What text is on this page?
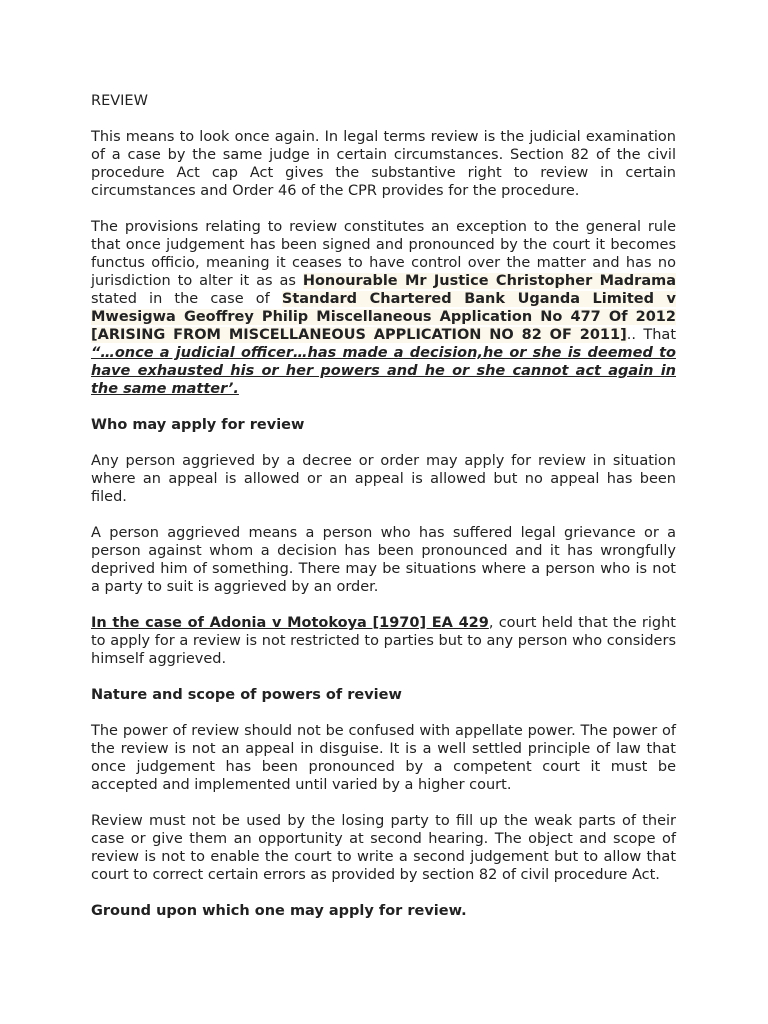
REVIEW

This means to look once again. In legal terms review is the judicial examination of a case by the same judge in certain circumstances. Section 82 of the civil procedure Act cap Act gives the substantive right to review in certain circumstances and Order 46 of the CPR provides for the procedure.

The provisions relating to review constitutes an exception to the general rule that once judgement has been signed and pronounced by the court it becomes functus officio, meaning it ceases to have control over the matter and has no jurisdiction to alter it as as Honourable Mr Justice Christopher Madrama stated in the case of Standard Chartered Bank Uganda Limited v Mwesigwa Geoffrey Philip Miscellaneous Application No 477 Of 2012 [ARISING FROM MISCELLANEOUS APPLICATION NO 82 OF 2011].. That “…once a judicial officer…has made a decision,he or she is deemed to have exhausted his or her powers and he or she cannot act again in the same matter’.

Who may apply for review

Any person aggrieved by a decree or order may apply for review in situation where an appeal is allowed or an appeal is allowed but no appeal has been filed.

A person aggrieved means a person who has suffered legal grievance or a person against whom a decision has been pronounced and it has wrongfully deprived him of something. There may be situations where a person who is not a party to suit is aggrieved by an order.

In the case of Adonia v Motokoya [1970] EA 429, court held that the right to apply for a review is not restricted to parties but to any person who considers himself aggrieved.

Nature and scope of powers of review

The power of review should not be confused with appellate power. The power of the review is not an appeal in disguise. It is a well settled principle of law that once judgement has been pronounced by a competent court it must be accepted and implemented until varied by a higher court.

Review must not be used by the losing party to fill up the weak parts of their case or give them an opportunity at second hearing. The object and scope of review is not to enable the court to write a second judgement but to allow that court to correct certain errors as provided by section 82 of civil procedure Act.

Ground upon which one may apply for review.
